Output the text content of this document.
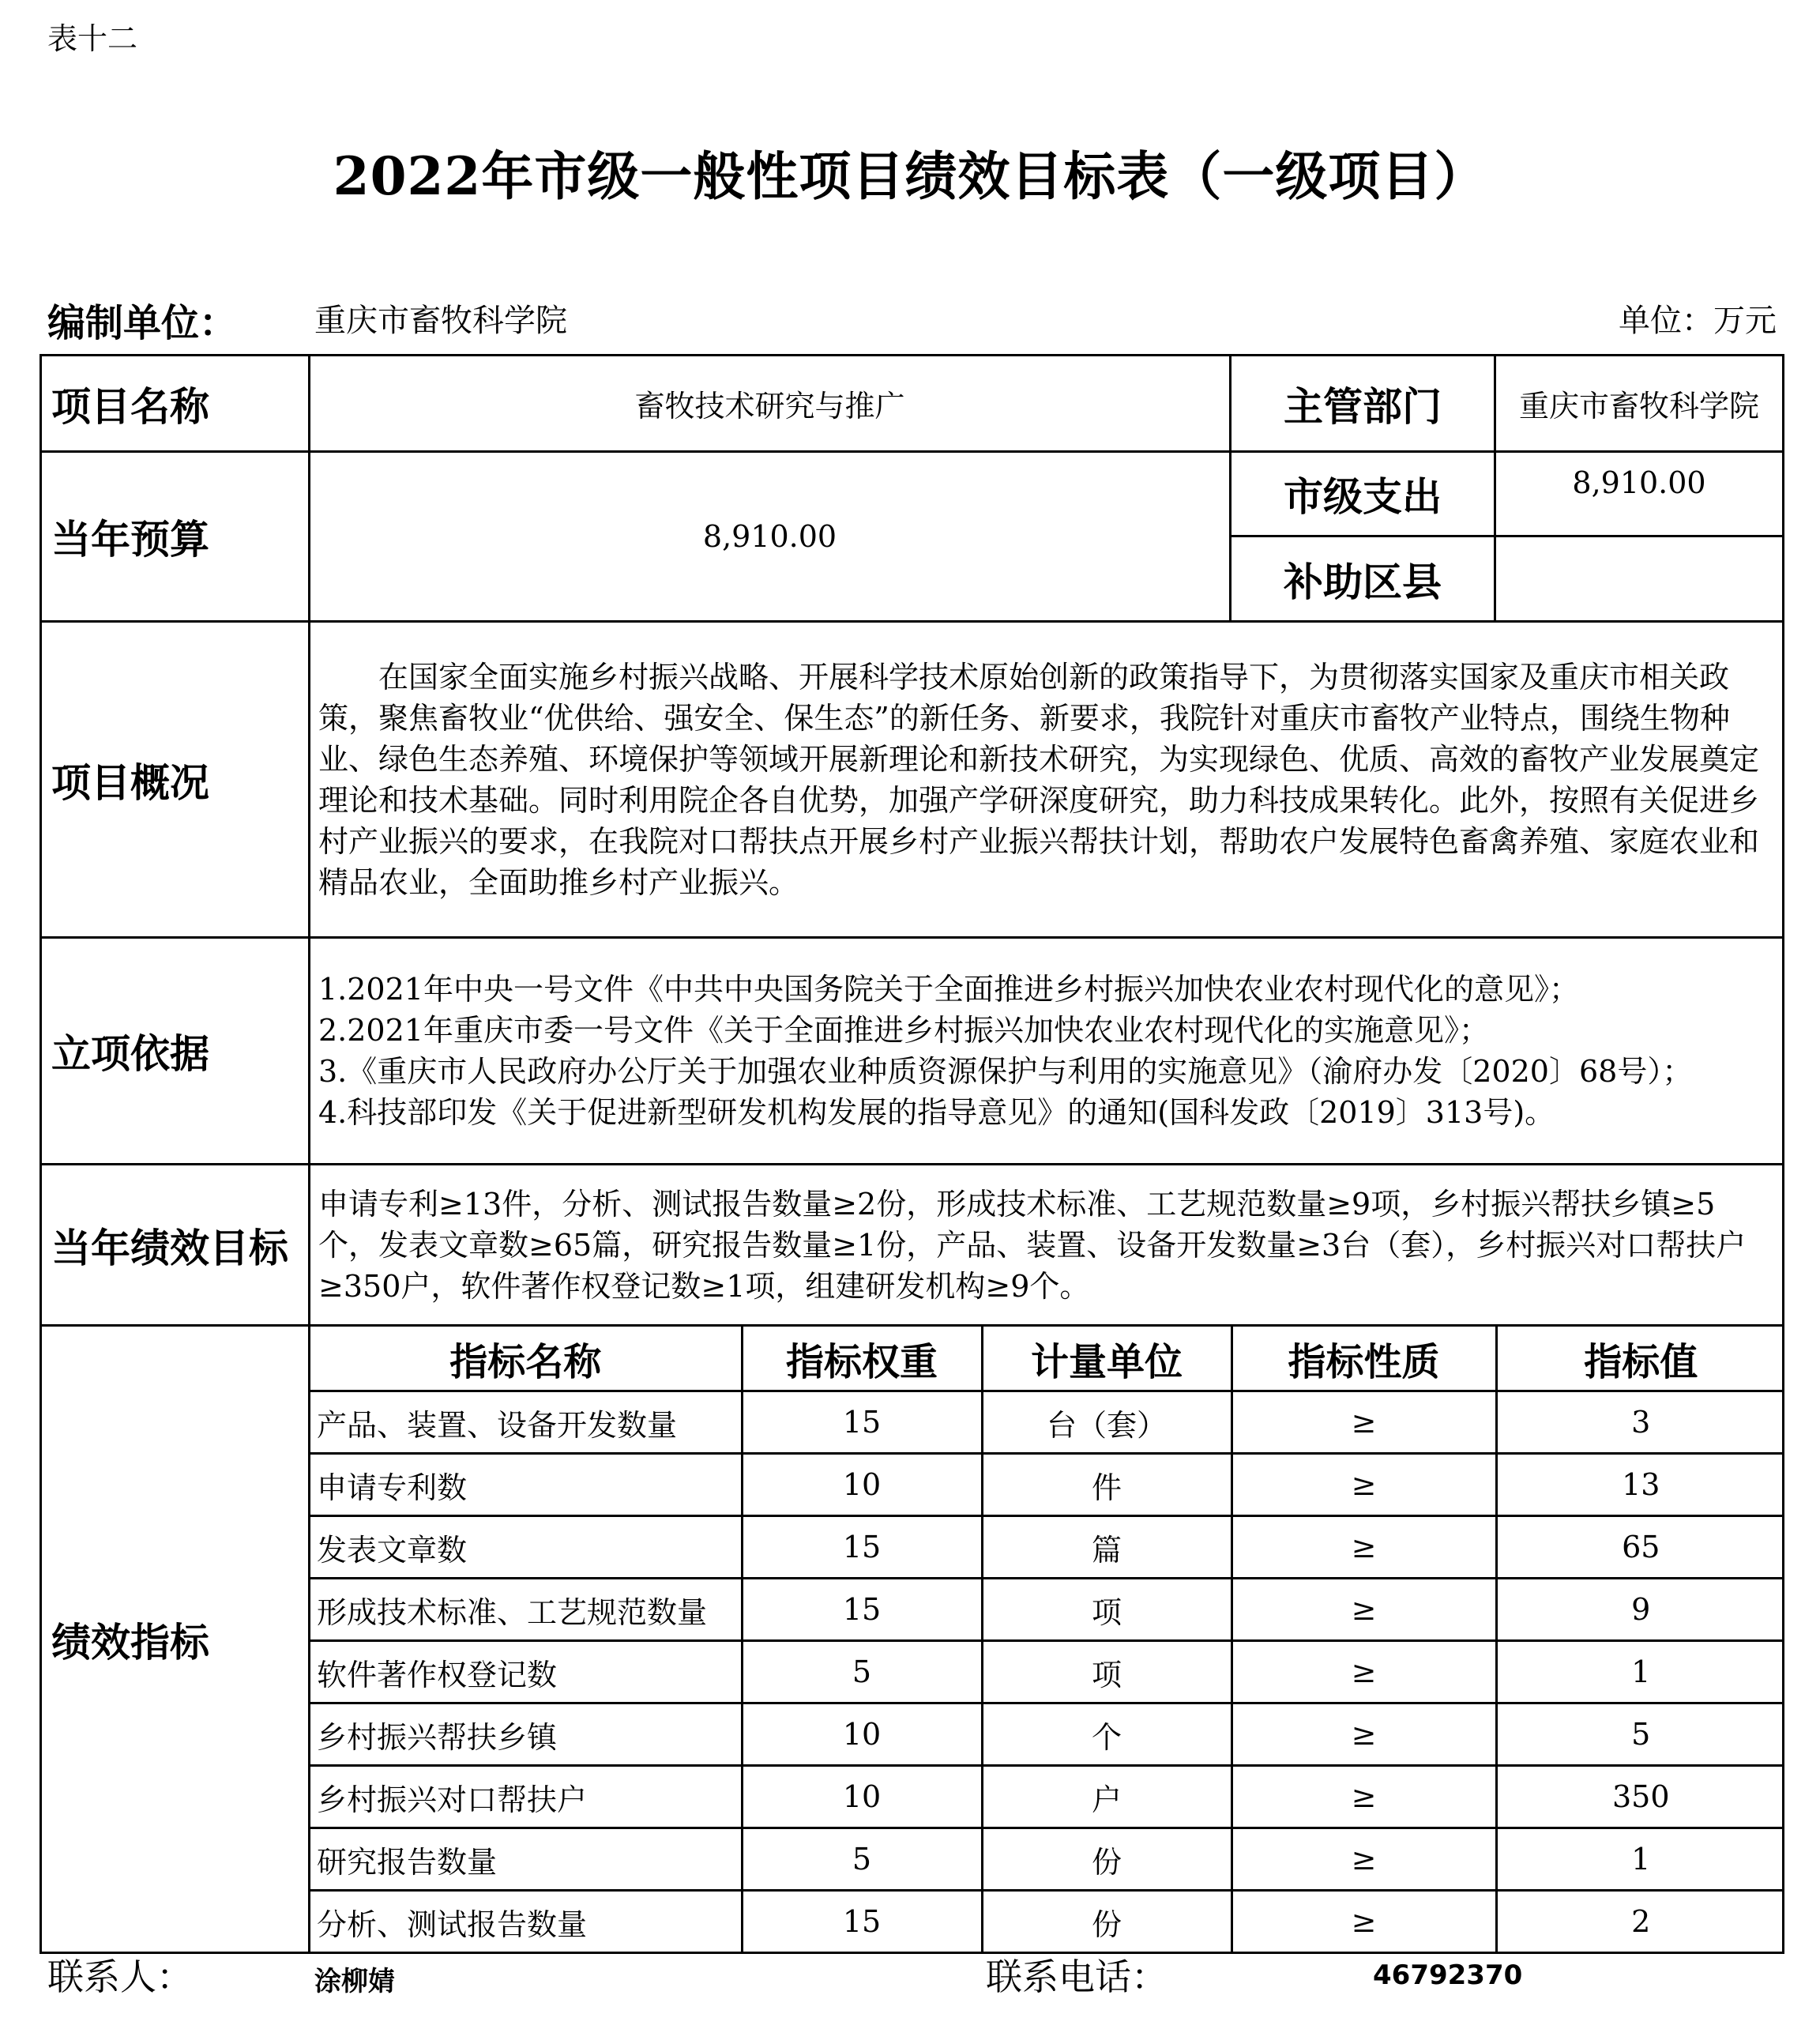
表十二
2022年市级一般性项目绩效目标表（一级项目）
编制单位： 重庆市畜牧科学院	单位：万元
项目名称	畜牧技术研究与推广	主管部门	重庆市畜牧科学院
当年预算	8,910.00	市级支出	8,910.00
补助区县	
项目概况	在国家全面实施乡村振兴战略、开展科学技术原始创新的政策指导下，为贯彻落实国家及重庆市相关政策，聚焦畜牧业“优供给、强安全、保生态”的新任务、新要求，我院针对重庆市畜牧产业特点，围绕生物种业、绿色生态养殖、环境保护等领域开展新理论和新技术研究，为实现绿色、优质、高效的畜牧产业发展奠定理论和技术基础。同时利用院企各自优势，加强产学研深度研究，助力科技成果转化。此外，按照有关促进乡村产业振兴的要求，在我院对口帮扶点开展乡村产业振兴帮扶计划，帮助农户发展特色畜禽养殖、家庭农业和精品农业，全面助推乡村产业振兴。
立项依据	
1.2021年中央一号文件《中共中央国务院关于全面推进乡村振兴加快农业农村现代化的意见》；
2.2021年重庆市委一号文件《关于全面推进乡村振兴加快农业农村现代化的实施意见》；
3.《重庆市人民政府办公厅关于加强农业种质资源保护与利用的实施意见》（渝府办发〔2020〕68号）；
4.科技部印发《关于促进新型研发机构发展的指导意见》的通知(国科发政〔2019〕313号)。

当年绩效目标	申请专利≥13件，分析、测试报告数量≥2份，形成技术标准、工艺规范数量≥9项，乡村振兴帮扶乡镇≥5个，发表文章数≥65篇，研究报告数量≥1份，产品、装置、设备开发数量≥3台（套），乡村振兴对口帮扶户≥350户，软件著作权登记数≥1项，组建研发机构≥9个。
绩效指标	
指标名称	指标权重	计量单位	指标性质	指标值
产品、装置、设备开发数量	15	台（套）	≥	3
申请专利数	10	件	≥	13
发表文章数	15	篇	≥	65
形成技术标准、工艺规范数量	15	项	≥	9
软件著作权登记数	5	项	≥	1
乡村振兴帮扶乡镇	10	个	≥	5
乡村振兴对口帮扶户	10	户	≥	350
研究报告数量	5	份	≥	1
分析、测试报告数量	15	份	≥	2
联系人：	涂柳婧	联系电话：	46792370
